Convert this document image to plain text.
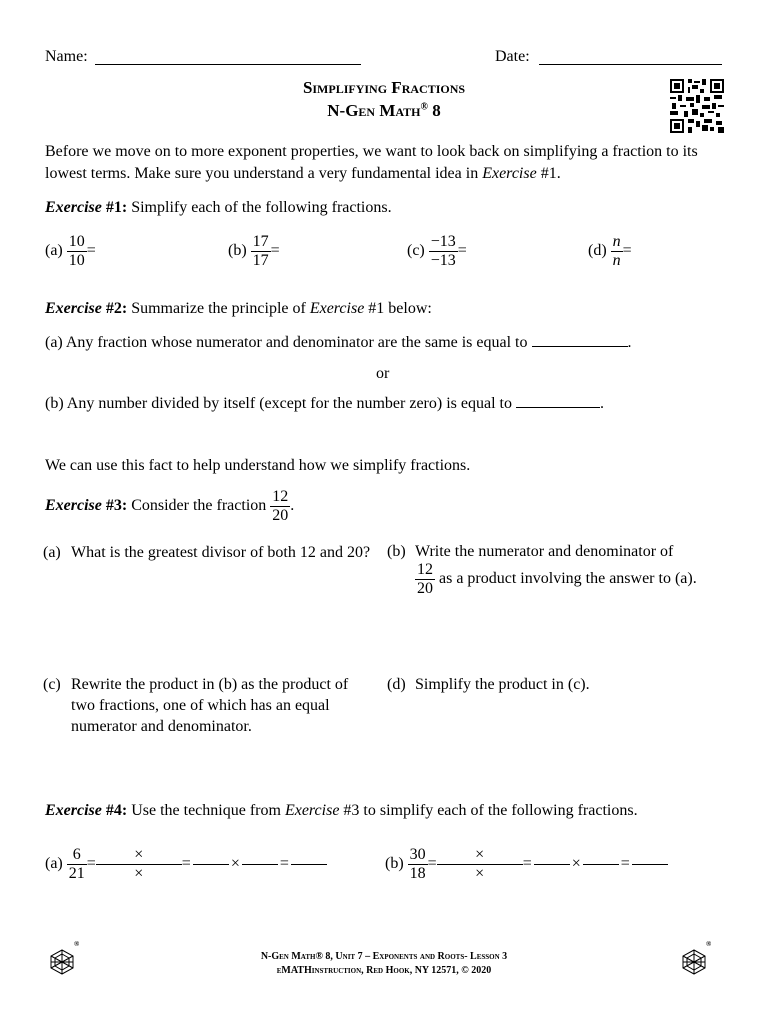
Name:	Date:
Simplifying Fractions
N-Gen Math® 8
Before we move on to more exponent properties, we want to look back on simplifying a fraction to its lowest terms. Make sure you understand a very fundamental idea in Exercise #1.
Exercise #1: Simplify each of the following fractions.
$(a) \frac{10}{10}$ =	$(b) \frac{17}{17}$ =	$(c) \frac{-13}{-13}$ =	$(d) \frac{n}{n}$ =
Exercise #2: Summarize the principle of Exercise #1 below:
(a) Any fraction whose numerator and denominator are the same is equal to	.
or
(b) Any number divided by itself (except for the number zero) is equal to	.
We can use this fact to help understand how we simplify fractions.
Exercise #3: Consider the fraction $\frac{12}{20}$ .
(a) What is the greatest divisor of both 12 and 20? (b) Write the numerator and denominator of
$\frac{12}{20}$ as a product involving the answer to (a).
(c) Rewrite the product in (b) as the product of two fractions, one of which has an equal numerator and denominator.
(d) Simplify the product in (c).
Exercise #4: Use the technique from Exercise #3 to simplify each of the following fractions.
$(a) \frac{6}{21} = \frac{\times}{\times}$ =	×	=	$(b) \frac{30}{18} = \frac{\times}{\times}$ =	×	=
®
N-Gen Math® 8, Unit 7 – Exponents and Roots- Lesson 3
eMATHinstruction, Red Hook, NY 12571, © 2020
®
